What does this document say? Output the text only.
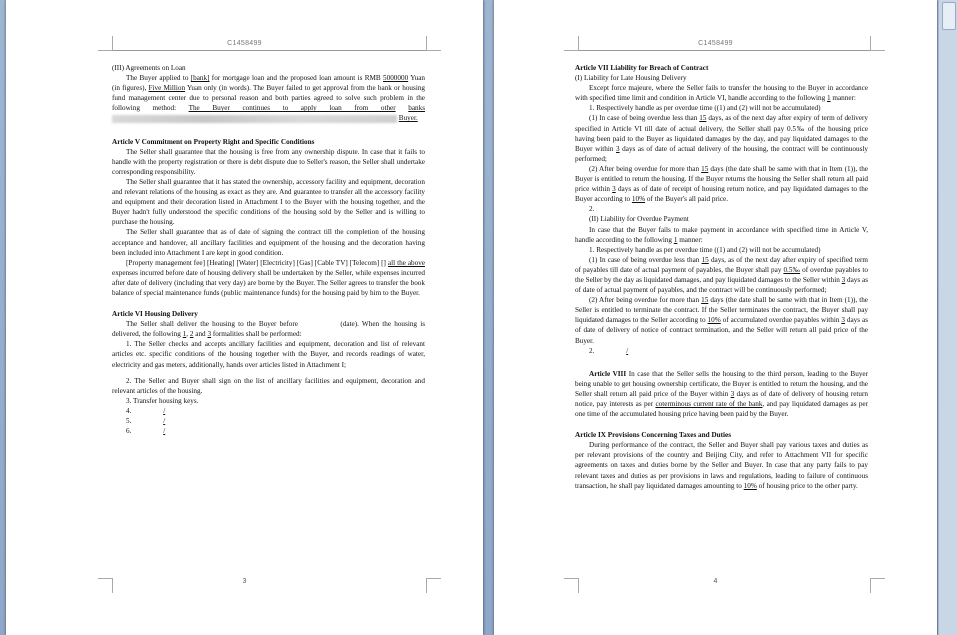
C1458499

(III) Agreements on Loan

The Buyer applied to [bank] for mortgage loan and the proposed loan amount is RMB 5000000 Yuan (in figures), Five Million Yuan only (in words). The Buyer failed to get approval from the bank or housing fund management center due to personal reason and both parties agreed to solve such problem in the following method: The Buyer continues to apply loan from other banks  Buyer.

Article V Commitment on Property Right and Specific Conditions

The Seller shall guarantee that the housing is free from any ownership dispute. In case that it fails to handle with the property registration or there is debt dispute due to Seller's reason, the Seller shall undertake corresponding responsibility.

The Seller shall guarantee that it has stated the ownership, accessory facility and equipment, decoration and relevant relations of the housing as exact as they are. And guarantee to transfer all the accessory facility and equipment and their decoration listed in Attachment I to the Buyer with the housing together, and the Buyer hadn't fully understood the specific conditions of the housing sold by the Seller and is willing to purchase the housing.

The Seller shall guarantee that as of date of signing the contract till the completion of the housing acceptance and handover, all ancillary facilities and equipment of the housing and the decoration having been included into Attachment I are kept in good condition.

[Property management fee] [Heating] [Water] [Electricity] [Gas] [Cable TV] [Telecom] [] all the above expenses incurred before date of housing delivery shall be undertaken by the Seller, while expenses incurred after date of delivery (including that very day) are borne by the Buyer. The Seller agrees to transfer the book balance of special maintenance funds (public maintenance funds) for the housing paid by him to the Buyer.

Article VI Housing Delivery

The Seller shall deliver the housing to the Buyer before	(date). When the housing is delivered, the following 1, 2 and 3 formalities shall be performed:

1. The Seller checks and accepts ancillary facilities and equipment, decoration and list of relevant articles etc. specific conditions of the housing together with the Buyer, and records readings of water, electricity and gas meters, additionally, hands over articles listed in Attachment I;

2. The Seller and Buyer shall sign on the list of ancillary facilities and equipment, decoration and relevant articles of the housing.

3. Transfer housing keys.

4.	/

5.	/

6.	/

3
C1458499

Article VII Liability for Breach of Contract

(I) Liability for Late Housing Delivery

Except force majeure, where the Seller fails to transfer the housing to the Buyer in accordance with specified time limit and condition in Article VI, handle according to the following 1 manner:

1. Respectively handle as per overdue time ((1) and (2) will not be accumulated)

(1) In case of being overdue less than 15 days, as of the next day after expiry of term of delivery specified in Article VI till date of actual delivery, the Seller shall pay 0.5‰ of the housing price having been paid to the Buyer as liquidated damages by the day, and pay liquidated damages to the Buyer within 3 days as of date of actual delivery of the housing, the contract will be continuously performed;

(2) After being overdue for more than 15 days (the date shall be same with that in Item (1)), the Buyer is entitled to return the housing. If the Buyer returns the housing the Seller shall return all paid price within 3 days as of date of receipt of housing return notice, and pay liquidated damages to the Buyer according to 10% of the Buyer's all paid price.

2.

(II) Liability for Overdue Payment

In case that the Buyer fails to make payment in accordance with specified time in Article V, handle according to the following 1 manner:

1. Respectively handle as per overdue time ((1) and (2) will not be accumulated)

(1) In case of being overdue less than 15 days, as of the next day after expiry of specified term of payables till date of actual payment of payables, the Buyer shall pay 0.5‰ of overdue payables to the Seller by the day as liquidated damages, and pay liquidated damages to the Seller within 3 days as of date of actual payment of payables, and the contract will be continuously performed;

(2) After being overdue for more than 15 days (the date shall be same with that in Item (1)), the Seller is entitled to terminate the contract. If the Seller terminates the contract, the Buyer shall pay liquidated damages to the Seller according to 10% of accumulated overdue payables within 3 days as of date of delivery of notice of contract termination, and the Seller will return all paid price of the Buyer.

2.	/

Article VIII In case that the Seller sells the housing to the third person, leading to the Buyer being unable to get housing ownership certificate, the Buyer is entitled to return the housing, and the Seller shall return all paid price of the Buyer within 3 days as of date of delivery of housing return notice, pay interests as per coterminous current rate of the bank, and pay liquidated damages as per one time of the accumulated housing price having been paid by the Buyer.

Article IX Provisions Concerning Taxes and Duties

During performance of the contract, the Seller and Buyer shall pay various taxes and duties as per relevant provisions of the country and Beijing City, and refer to Attachment VII for specific agreements on taxes and duties borne by the Seller and Buyer. In case that any party fails to pay relevant taxes and duties as per provisions in laws and regulations, leading to failure of continuous transaction, he shall pay liquidated damages amounting to 10% of housing price to the other party.

4
